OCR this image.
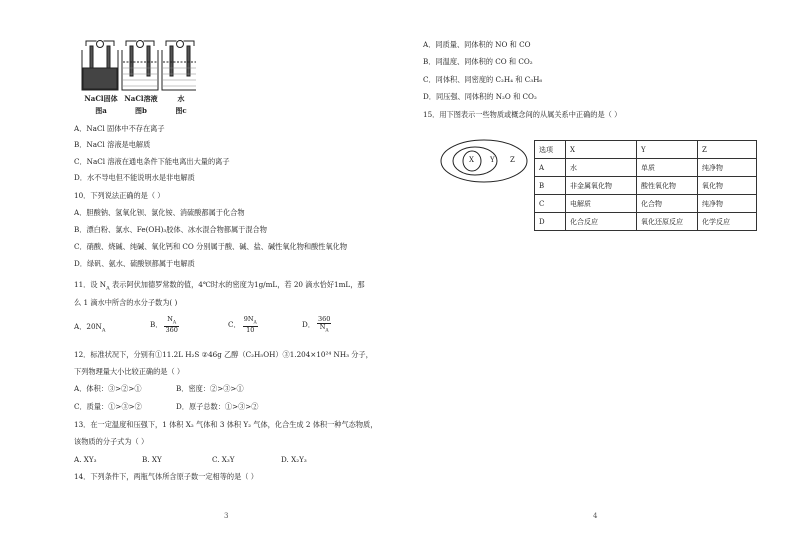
NaCl固体 NaCl溶液	水
图a	图b	图c
A．NaCl 固体中不存在离子
B．NaCl 溶液是电解质
C．NaCl 溶液在通电条件下能电离出大量的离子
D．水不导电但不能说明水是非电解质
10．下列说法正确的是（ ）
A．胆酸钠、氢氧化钡、氯化铵、消硫酸都属于化合物
B．漂白粉、氯水、Fe(OH)₃胶体、冰水混合物都属于混合物
C．硝酸、烧碱、纯碱、氧化钙和 CO 分别属于酸、碱、盐、碱性氧化物和酸性氧化物
D．绿矾、氨水、硫酸钡都属于电解质
11．设 $N_A$ 表示阿伏加德罗常数的值，4℃时水的密度为1g/mL，若 20 滴水恰好1mL，那
么 1 滴水中所含的水分子数为( )
A．$20N_A$
B． $\frac{N_A}{360}$	C． $\frac{9N_A}{10}$	D． $\frac{360}{N_A}$
12．标准状况下，分别有①11.2L H₂S ②46g 乙醇（C₂H₅OH）③1.204×10²⁴ NH₃ 分子，
下列物理量大小比较正确的是（ ）
A．体积：③>②>①	B．密度：②>③>①
C．质量：①>③>②	D．原子总数：①>③>②
13．在一定温度和压强下，1 体积 X₂ 气体和 3 体积 Y₂ 气体，化合生成 2 体积一种气态物质，
该物质的分子式为（ ）
A. XY₃	B. XY	C. X₃Y	D. X₂Y₃
14．下列条件下，两瓶气体所含原子数一定相等的是（ ）
3
A．同质量、同体积的 NO 和 CO
B．同温度、同体积的 CO 和 CO₂
C．同体积、同密度的 C₂H₄ 和 C₃H₆
D．同压强、同体积的 N₂O 和 CO₂
15．用下图表示一些物质或概念间的从属关系中正确的是（ ）
X Y Z
选项	X	Y	Z
A	水	单质	纯净物
B	非金属氧化物	酸性氧化物	氧化物
C	电解质	化合物	纯净物
D	化合反应	氧化还原反应	化学反应
4
